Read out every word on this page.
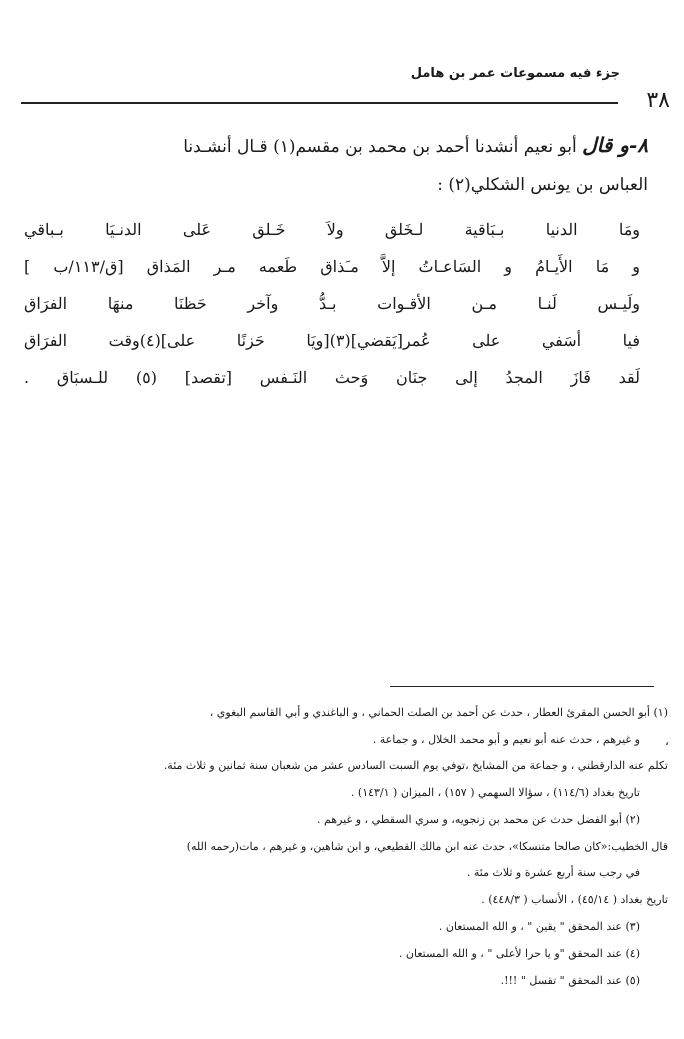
جزء فيه مسموعات عمر بن هامل
٣٨
٨-و قال أبو نعيم أنشدنا أحمد بن محمد بن مقسم(١) قـال أنشـدنا
العباس بن يونس الشكلي(٢) :
ومَا الدنيا بـبَاقية لـخَلق ولاَ خَـلق عَلى الدنـيَا بـباقي
و مَا الأَيـامُ و السَاعـاتُ إلاَّ مـَذاق طَعمه مـر المَذاق [ق/١١٣/ب ]
ولَيـس لَنـا مـن الأقـوات بـدُّ وآخر حَظنَا منهَا الفرَاق
فيا أسَفي على عُمر[يَقضي](٣)[ويَا حَزنًا على](٤)وقت الفرَاق
لَقد فَازَ المجدُ إلى جنَان وَحث النَـفس [تقصد] (٥) للـسبَاق .
(١) أبو الحسن المقرئ العطار ، حدث عن أحمد بن الصلت الحماني ، و الباغندي و أبي القاسم البغوي ،
و غيرهم ، حدث عنه أبو نعيم و أبو محمد الخلال ، و جماعة .
تكلم عنه الدارقطني ، و جماعة من المشايخ ،توفي يوم السبت السادس عشر من شعبان سنة ثمانين و ثلاث مئة.
تاريخ بغداد (١١٤/٦) ، سؤالا السهمي ( ١٥٧) ، الميزان ( ١٤٣/١) .
(٢) أبو الفضل حدث عن محمد بن زنجويه، و سري السقطي ، و غيرهم .
قال الخطيب:«كان صالحا متنسكا»، حدث عنه ابن مالك القطيعي، و ابن شاهين، و غيرهم ، مات(رحمه الله)
في رجب سنة أربع عشرة و ثلاث مئة .
تاريخ بغداد ( ٤٥/١٤) ، الأنساب ( ٤٤٨/٣) .
(٣) عند المحقق " يقين " ، و الله المستعان .
(٤) عند المحقق "و يا حرا لأعلى " ، و الله المستعان .
(٥) عند المحقق " تقسل " !!!.
،
